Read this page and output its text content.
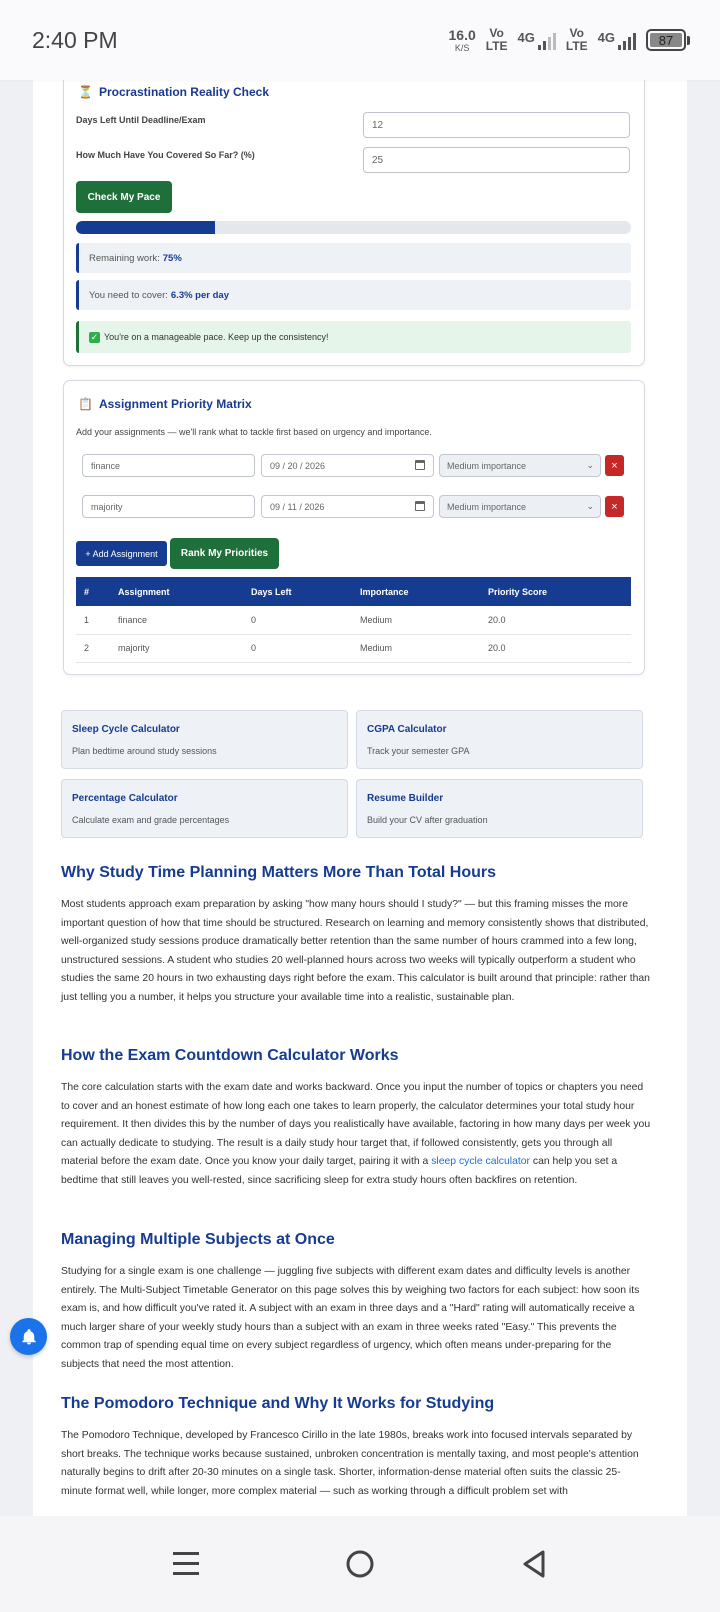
2:40 PM	16.0
K/S
Vo
LTE
4G	Vo
LTE
4G	87
⏳ Procrastination Reality Check
Days Left Until Deadline/Exam
12
How Much Have You Covered So Far? (%)
25
Check My Pace
Remaining work: 75%
You need to cover: 6.3% per day
✓ You're on a manageable pace. Keep up the consistency!
📋 Assignment Priority Matrix
Add your assignments — we'll rank what to tackle first based on urgency and importance.
finance
09 / 20 / 2026	Medium importance	⌄	×
majority
09 / 11 / 2026	Medium importance	⌄	×
+ Add Assignment	Rank My Priorities
#	Assignment	Days Left	Importance	Priority Score
1	finance	0	Medium	20.0
2	majority	0	Medium	20.0
Sleep Cycle Calculator
Plan bedtime around study sessions
CGPA Calculator
Track your semester GPA
Percentage Calculator
Calculate exam and grade percentages
Resume Builder
Build your CV after graduation
Why Study Time Planning Matters More Than Total Hours
Most students approach exam preparation by asking "how many hours should I study?" — but this framing misses the more important question of how that time should be structured. Research on learning and memory consistently shows that distributed, well-organized study sessions produce dramatically better retention than the same number of hours crammed into a few long, unstructured sessions. A student who studies 20 well-planned hours across two weeks will typically outperform a student who studies the same 20 hours in two exhausting days right before the exam. This calculator is built around that principle: rather than just telling you a number, it helps you structure your available time into a realistic, sustainable plan.
How the Exam Countdown Calculator Works
The core calculation starts with the exam date and works backward. Once you input the number of topics or chapters you need to cover and an honest estimate of how long each one takes to learn properly, the calculator determines your total study hour requirement. It then divides this by the number of days you realistically have available, factoring in how many days per week you can actually dedicate to studying. The result is a daily study hour target that, if followed consistently, gets you through all material before the exam date. Once you know your daily target, pairing it with a sleep cycle calculator can help you set a bedtime that still leaves you well-rested, since sacrificing sleep for extra study hours often backfires on retention.
Managing Multiple Subjects at Once
Studying for a single exam is one challenge — juggling five subjects with different exam dates and difficulty levels is another entirely. The Multi-Subject Timetable Generator on this page solves this by weighing two factors for each subject: how soon its exam is, and how difficult you've rated it. A subject with an exam in three days and a "Hard" rating will automatically receive a much larger share of your weekly study hours than a subject with an exam in three weeks rated "Easy." This prevents the common trap of spending equal time on every subject regardless of urgency, which often means under-preparing for the subjects that need the most attention.
The Pomodoro Technique and Why It Works for Studying
The Pomodoro Technique, developed by Francesco Cirillo in the late 1980s, breaks work into focused intervals separated by short breaks. The technique works because sustained, unbroken concentration is mentally taxing, and most people's attention naturally begins to drift after 20-30 minutes on a single task. Shorter, information-dense material often suits the classic 25-minute format well, while longer, more complex material — such as working through a difficult problem set with
